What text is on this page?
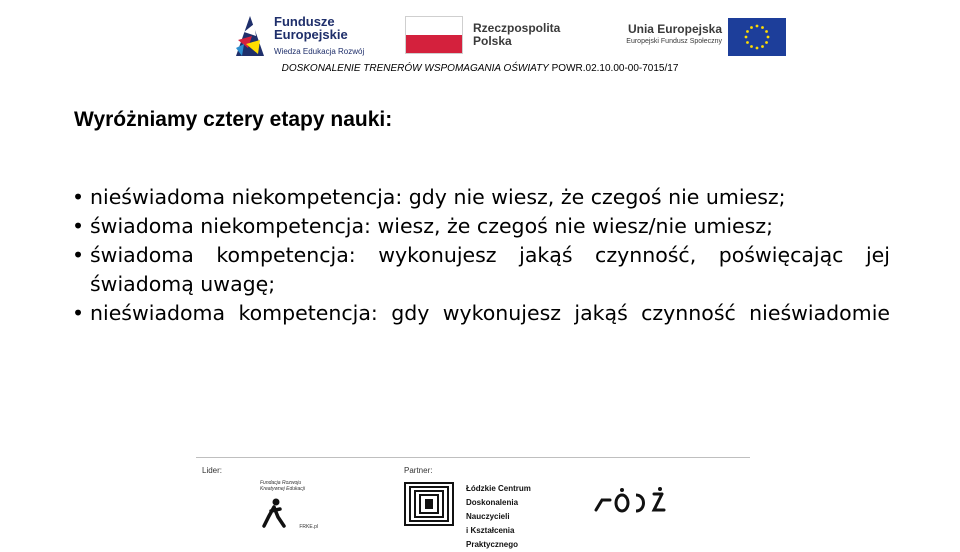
Fundusze
Europejskie
Wiedza Edukacja Rozwój
Rzeczpospolita
Polska
Unia Europejska
Europejski Fundusz Społeczny
DOSKONALENIE TRENERÓW WSPOMAGANIA OŚWIATY POWR.02.10.00-00-7015/17
Wyróżniamy cztery etapy nauki:
• nieświadoma niekompetencja: gdy nie wiesz, że czegoś nie umiesz;
• świadoma niekompetencja: wiesz, że czegoś nie wiesz/nie umiesz;
• świadoma kompetencja: wykonujesz jakąś czynność, poświęcając jej świadomą uwagę;
• nieświadoma kompetencja: gdy wykonujesz jakąś czynność nieświadomie
Lider:	Partner:
Fundacja Rozwoju
Kreatywnej Edukacji
FRKE.pl
Łódzkie Centrum
Doskonalenia Nauczycieli
i Kształcenia Praktycznego
